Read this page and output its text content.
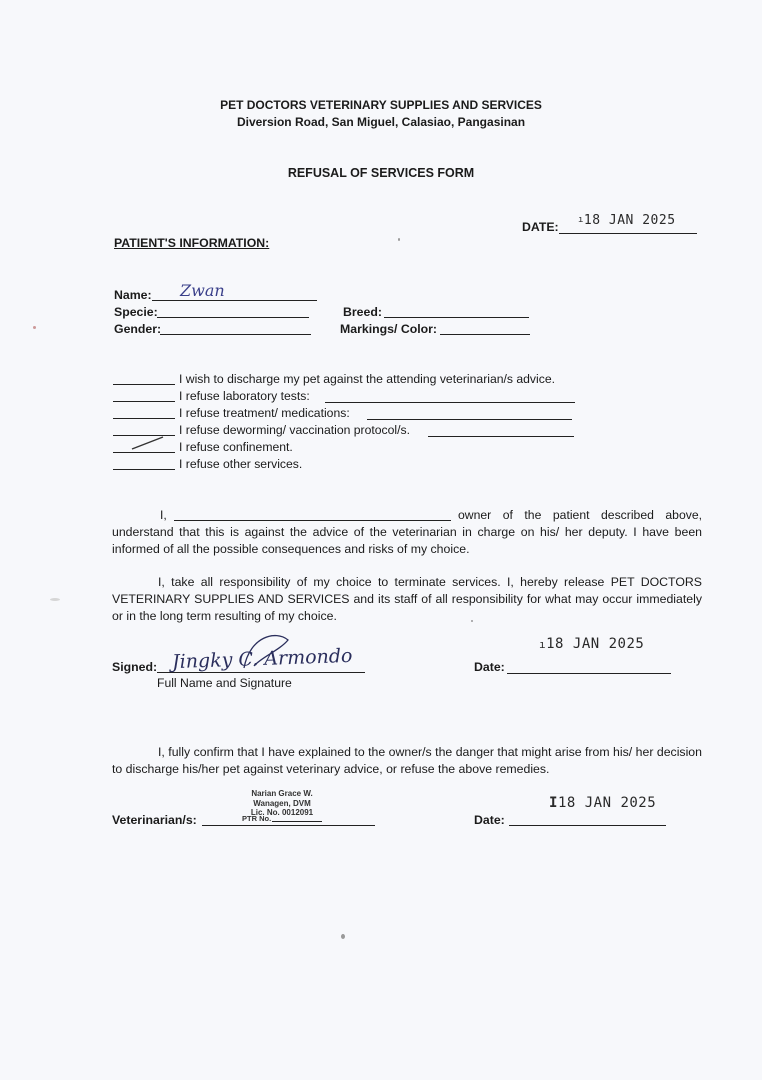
PET DOCTORS VETERINARY SUPPLIES AND SERVICES
Diversion Road, San Miguel, Calasiao, Pangasinan
REFUSAL OF SERVICES FORM
DATE: ı18 JAN 2025
PATIENT'S INFORMATION:
Name: Zwan
Specie:
Gender:
Breed:
Markings/ Color:
I wish to discharge my pet against the attending veterinarian/s advice.
I refuse laboratory tests:
I refuse treatment/ medications:
I refuse deworming/ vaccination protocol/s.
I refuse confinement.
I refuse other services.
I,	owner of the patient described above,
understand that this is against the advice of the veterinarian in charge on his/ her deputy. I have been informed of all the possible consequences and risks of my choice.
I, take all responsibility of my choice to terminate services. I, hereby release PET DOCTORS VETERINARY SUPPLIES AND SERVICES and its staff of all responsibility for what may occur immediately or in the long term resulting of my choice.
Signed: Jingky C. Armondo
Full Name and Signature
Date:
ı18 JAN 2025
I, fully confirm that I have explained to the owner/s the danger that might arise from his/ her decision to discharge his/her pet against veterinary advice, or refuse the above remedies.
Veterinarian/s:
Narian Grace W. Wanagen, DVM
Lic. No. 0012091
PTR No.	Date:
I18 JAN 2025
